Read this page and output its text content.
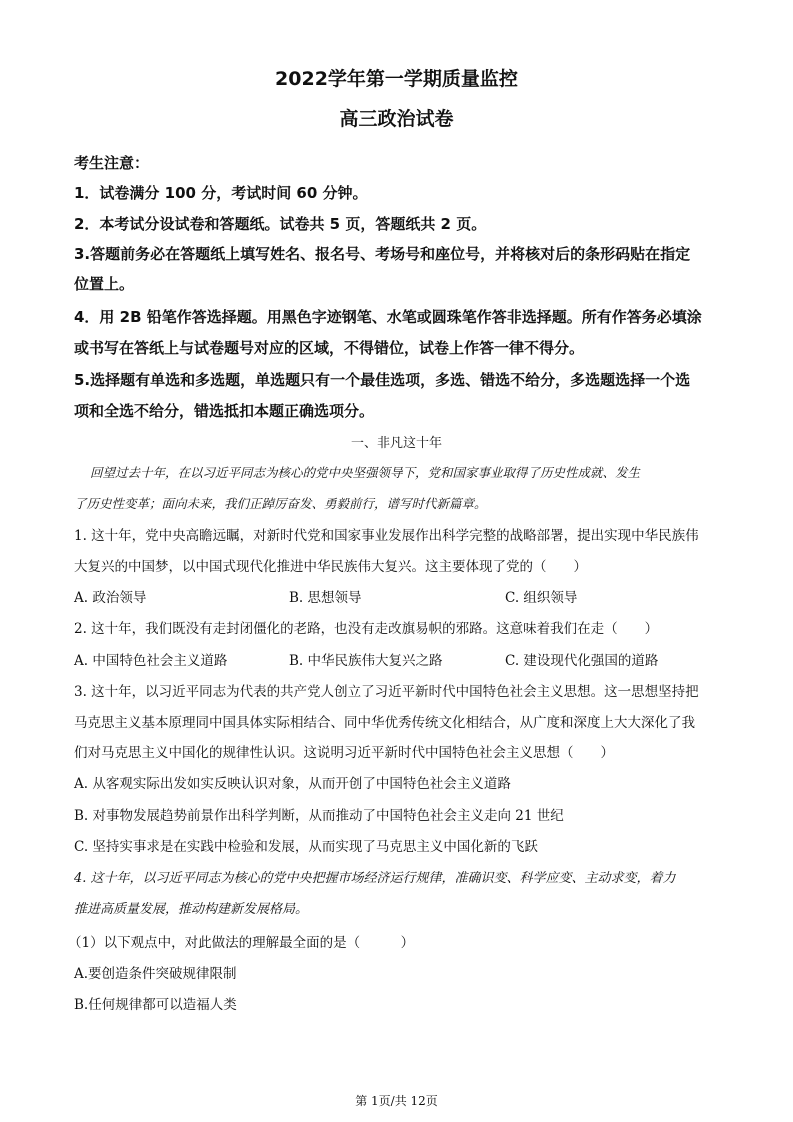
2022学年第一学期质量监控
高三政治试卷
考生注意：
1．试卷满分 100 分，考试时间 60 分钟。
2．本考试分设试卷和答题纸。试卷共 5 页，答题纸共 2 页。
3.答题前务必在答题纸上填写姓名、报名号、考场号和座位号，并将核对后的条形码贴在指定
位置上。
4．用 2B 铅笔作答选择题。用黑色字迹钢笔、水笔或圆珠笔作答非选择题。所有作答务必填涂
或书写在答纸上与试卷题号对应的区域，不得错位，试卷上作答一律不得分。
5.选择题有单选和多选题，单选题只有一个最佳选项，多选、错选不给分，多选题选择一个选
项和全选不给分，错选抵扣本题正确选项分。
一、非凡这十年
回望过去十年，在以习近平同志为核心的党中央坚强领导下，党和国家事业取得了历史性成就、发生
了历史性变革；面向未来，我们正踔厉奋发、勇毅前行，谱写时代新篇章。
1. 这十年，党中央高瞻远瞩，对新时代党和国家事业发展作出科学完整的战略部署，提出实现中华民族伟
大复兴的中国梦，以中国式现代化推进中华民族伟大复兴。这主要体现了党的（　　）
A. 政治领导	B. 思想领导	C. 组织领导
2. 这十年，我们既没有走封闭僵化的老路，也没有走改旗易帜的邪路。这意味着我们在走（　　）
A. 中国特色社会主义道路	B. 中华民族伟大复兴之路	C. 建设现代化强国的道路
3. 这十年，以习近平同志为代表的共产党人创立了习近平新时代中国特色社会主义思想。这一思想坚持把
马克思主义基本原理同中国具体实际相结合、同中华优秀传统文化相结合，从广度和深度上大大深化了我
们对马克思主义中国化的规律性认识。这说明习近平新时代中国特色社会主义思想（　　）
A. 从客观实际出发如实反映认识对象，从而开创了中国特色社会主义道路
B. 对事物发展趋势前景作出科学判断，从而推动了中国特色社会主义走向 21 世纪
C. 坚持实事求是在实践中检验和发展，从而实现了马克思主义中国化新的飞跃
4. 这十年，以习近平同志为核心的党中央把握市场经济运行规律，准确识变、科学应变、主动求变，着力
推进高质量发展，推动构建新发展格局。
（1）以下观点中，对此做法的理解最全面的是（　　　）
A.要创造条件突破规律限制
B.任何规律都可以造福人类
第 1页/共 12页
